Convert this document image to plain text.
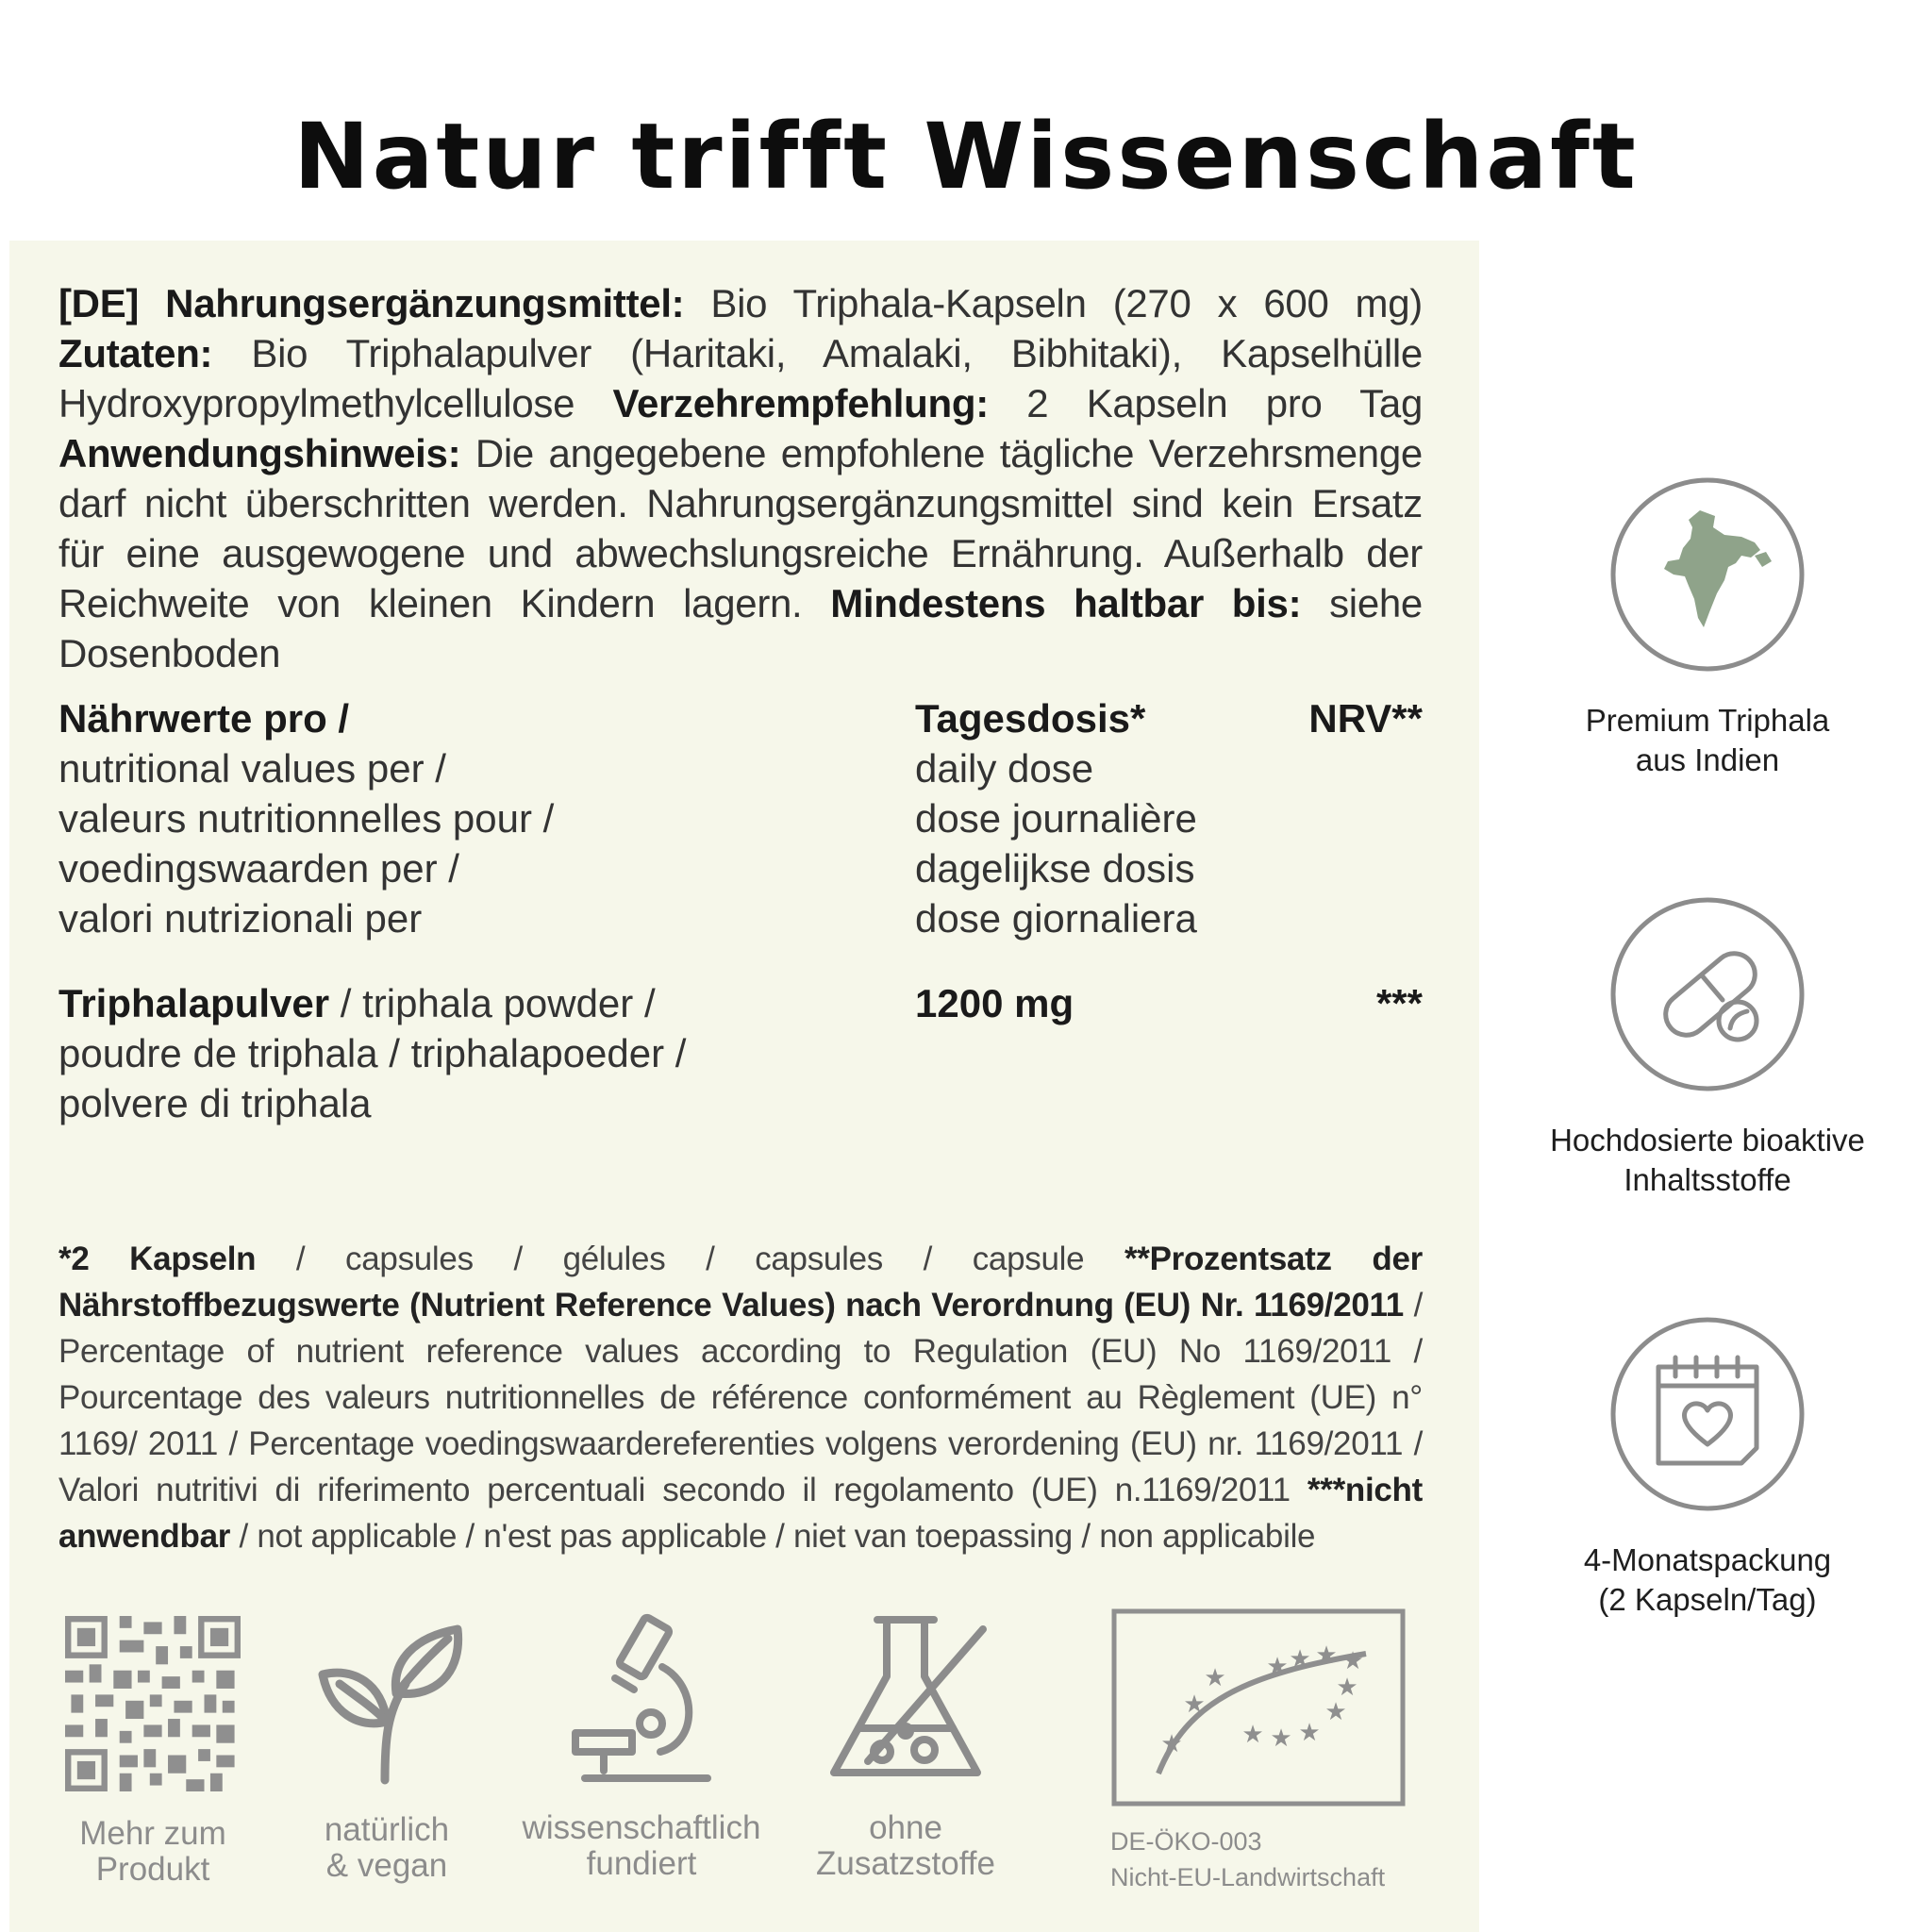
Natur trifft Wissenschaft
[DE] Nahrungsergänzungsmittel: Bio Triphala-Kapseln (270 x 600 mg) Zutaten: Bio Triphalapulver (Haritaki, Amalaki, Bibhitaki), Kapselhülle Hydroxypropylmethylcellulose Verzehrempfehlung: 2 Kapseln pro Tag Anwendungshinweis: Die angegebene empfohlene tägliche Verzehrsmenge darf nicht überschritten werden. Nahrungsergänzungsmittel sind kein Ersatz für eine ausgewogene und abwechslungsreiche Ernährung. Außerhalb der Reichweite von kleinen Kindern lagern. Mindestens haltbar bis: siehe Dosenboden
Nährwerte pro /
nutritional values per /
valeurs nutritionnelles pour /
voedingswaarden per /
valori nutrizionali per
Tagesdosis*
daily dose
dose journalière
dagelijkse dosis
dose giornaliera
NRV**
Triphalapulver / triphala powder /
poudre de triphala / triphalapoeder /
polvere di triphala
1200 mg	***
*2 Kapseln / capsules / gélules / capsules / capsule **Prozentsatz der Nährstoffbezugswerte (Nutrient Reference Values) nach Verordnung (EU) Nr. 1169/2011 / Percentage of nutrient reference values according to Regulation (EU) No 1169/2011 / Pourcentage des valeurs nutritionnelles de référence conformément au Règlement (UE) n° 1169/ 2011 / Percentage voedingswaardereferenties volgens verordening (EU) nr. 1169/2011 / Valori nutritivi di riferimento percentuali secondo il regolamento (UE) n.1169/2011 ***nicht anwendbar / not applicable / n'est pas applicable / niet van toepassing / non applicabile
Mehr zum
Produkt
natürlich
& vegan
wissenschaftlich
fundiert
ohne
Zusatzstoffe
★ ★ ★
★
★
★
★
★
★
★
★
★
DE-ÖKO-003
Nicht-EU-Landwirtschaft
Premium Triphala
aus Indien
Hochdosierte bioaktive
Inhaltsstoffe
4-Monatspackung
(2 Kapseln/Tag)
